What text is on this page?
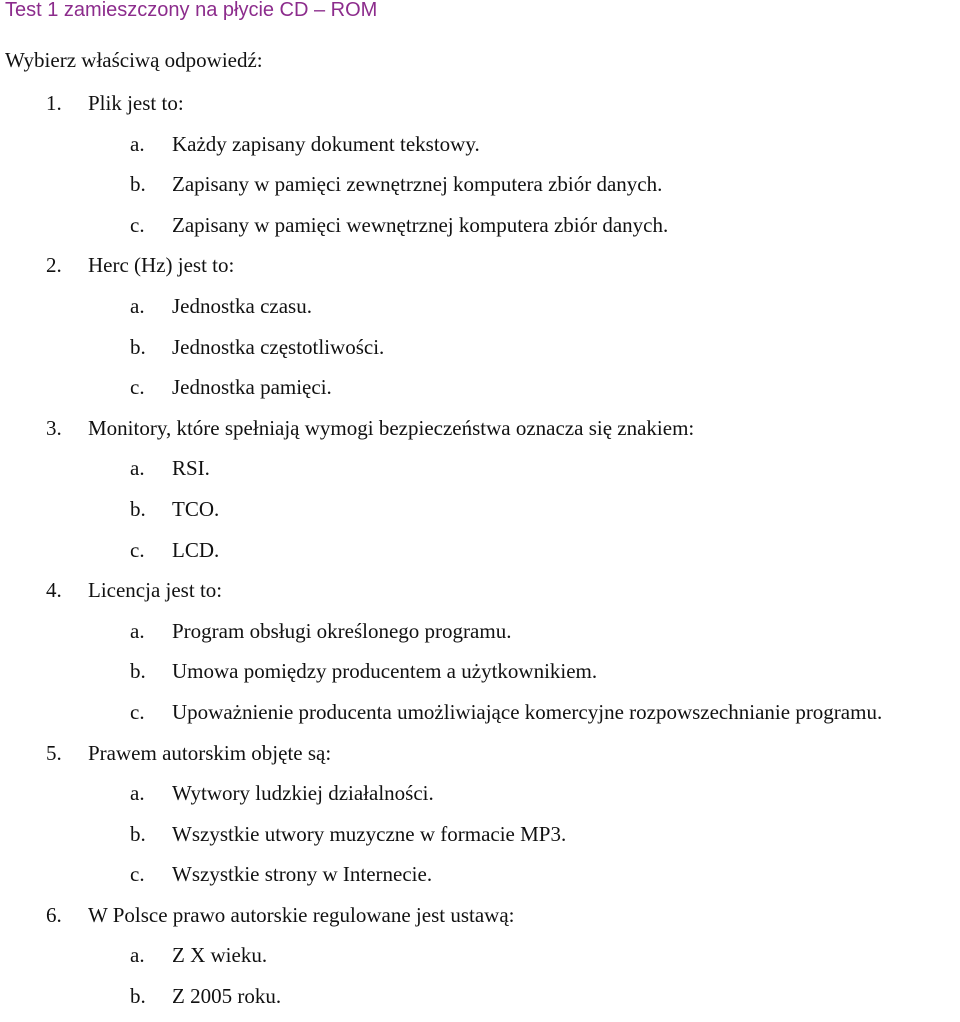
Test 1 zamieszczony na płycie CD – ROM
Wybierz właściwą odpowiedź:
1. Plik jest to:
a. Każdy zapisany dokument tekstowy.
b. Zapisany w pamięci zewnętrznej komputera zbiór danych.
c. Zapisany w pamięci wewnętrznej komputera zbiór danych.
2. Herc (Hz) jest to:
a. Jednostka czasu.
b. Jednostka częstotliwości.
c. Jednostka pamięci.
3. Monitory, które spełniają wymogi bezpieczeństwa oznacza się znakiem:
a. RSI.
b. TCO.
c. LCD.
4. Licencja jest to:
a. Program obsługi określonego programu.
b. Umowa pomiędzy producentem a użytkownikiem.
c. Upoważnienie producenta umożliwiające komercyjne rozpowszechnianie programu.
5. Prawem autorskim objęte są:
a. Wytwory ludzkiej działalności.
b. Wszystkie utwory muzyczne w formacie MP3.
c. Wszystkie strony w Internecie.
6. W Polsce prawo autorskie regulowane jest ustawą:
a. Z X wieku.
b. Z 2005 roku.
